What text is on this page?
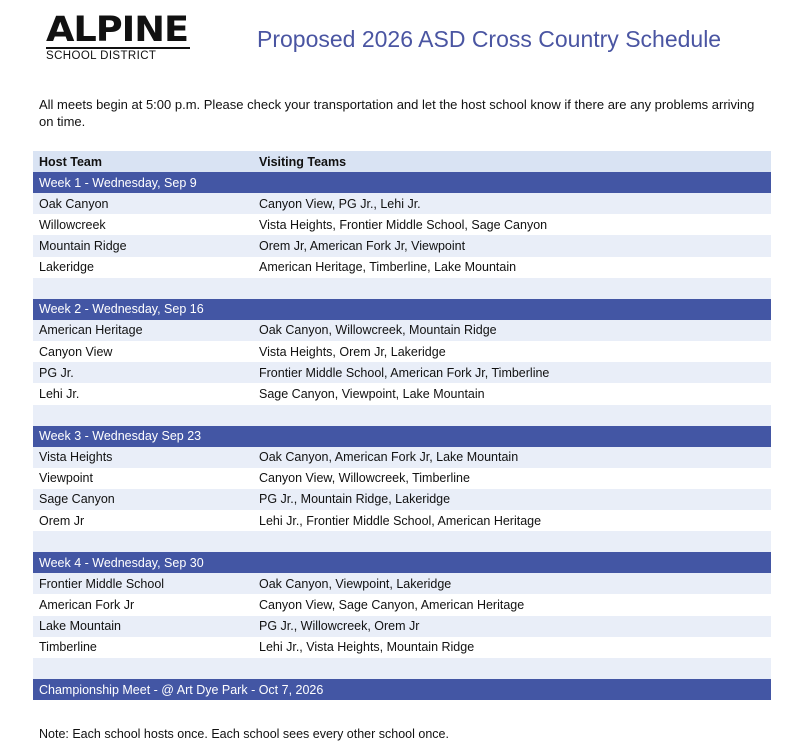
ALPINE
SCHOOL DISTRICT
Proposed 2026 ASD Cross Country Schedule
All meets begin at 5:00 p.m. Please check your transportation and let the host school know if there are any problems arriving on time.
Host Team	Visiting Teams
Week 1 - Wednesday, Sep 9
Oak Canyon	Canyon View, PG Jr., Lehi Jr.
Willowcreek	Vista Heights, Frontier Middle School, Sage Canyon
Mountain Ridge	Orem Jr, American Fork Jr, Viewpoint
Lakeridge	American Heritage, Timberline, Lake Mountain
Week 2 - Wednesday, Sep 16
American Heritage	Oak Canyon, Willowcreek, Mountain Ridge
Canyon View	Vista Heights, Orem Jr, Lakeridge
PG Jr.	Frontier Middle School, American Fork Jr, Timberline
Lehi Jr.	Sage Canyon, Viewpoint, Lake Mountain
Week 3 - Wednesday Sep 23
Vista Heights	Oak Canyon, American Fork Jr, Lake Mountain
Viewpoint	Canyon View, Willowcreek, Timberline
Sage Canyon	PG Jr., Mountain Ridge, Lakeridge
Orem Jr	Lehi Jr., Frontier Middle School, American Heritage
Week 4 - Wednesday, Sep 30
Frontier Middle School	Oak Canyon, Viewpoint, Lakeridge
American Fork Jr	Canyon View, Sage Canyon, American Heritage
Lake Mountain	PG Jr., Willowcreek, Orem Jr
Timberline	Lehi Jr., Vista Heights, Mountain Ridge
Championship Meet - @ Art Dye Park - Oct 7, 2026
Note: Each school hosts once. Each school sees every other school once.
